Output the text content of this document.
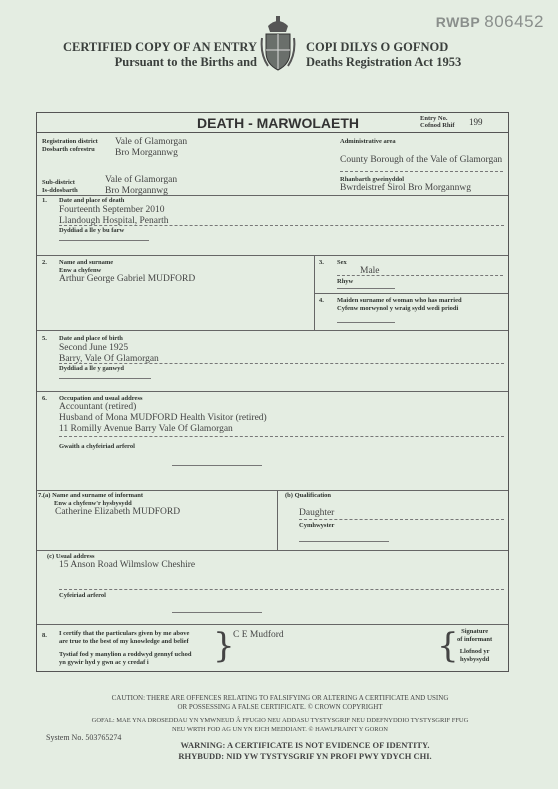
RWBP 806452
CERTIFIED COPY OF AN ENTRY
Pursuant to the Births and
COPI DILYS O GOFNOD
Deaths Registration Act 1953
DEATH - MARWOLAETH	Entry No.
Cofnod Rhif 199
Registration district
Dosbarth cofrestru
Vale of Glamorgan
Bro Morgannwg
Administrative area
County Borough of the Vale of Glamorgan
Rhanbarth gweinyddol
Bwrdeistref Sirol Bro Morgannwg
Sub-district
Is-ddosbarth
Vale of Glamorgan
Bro Morgannwg
1. Date and place of death
Fourteenth September 2010
Llandough Hospital, Penarth
Dyddiad a lle y bu farw
2. Name and surname
Enw a chyfenw
Arthur George Gabriel MUDFORD
3. Sex
Male
Rhyw
4. Maiden surname of woman who has married
Cyfenw morwynol y wraig sydd wedi priodi
5. Date and place of birth
Second June 1925
Barry, Vale Of Glamorgan
Dyddiad a lle y ganwyd
6. Occupation and usual address
Accountant (retired)
Husband of Mona MUDFORD Health Visitor (retired)
11 Romilly Avenue Barry Vale Of Glamorgan
Gwaith a chyfeiriad arferol
7.(a) Name and surname of informant
Enw a chyfenw'r hysbysydd
Catherine Elizabeth MUDFORD
(b) Qualification
Daughter
Cymhwyster
(c) Usual address
15 Anson Road Wilmslow Cheshire
Cyfeiriad arferol
8. I certify that the particulars given by me above
are true to the best of my knowledge and belief
Tystiaf fod y manylion a roddwyd gennyf uchod
yn gywir hyd y gwn ac y credaf i	}
C E Mudford	{ Signature
of informant
Llofnod yr
hysbysydd
CAUTION: THERE ARE OFFENCES RELATING TO FALSIFYING OR ALTERING A CERTIFICATE AND USING
OR POSSESSING A FALSE CERTIFICATE. © CROWN COPYRIGHT
GOFAL: MAE YNA DROSEDDAU YN YMWNEUD Â FFUGIO NEU ADDASU TYSTYSGRIF NEU DDEFNYDDIO TYSTYSGRIF FFUG
NEU WRTH FOD AG UN YN EICH MEDDIANT. © HAWLFRAINT Y GORON
System No. 503765274
WARNING: A CERTIFICATE IS NOT EVIDENCE OF IDENTITY.
RHYBUDD: NID YW TYSTYSGRIF YN PROFI PWY YDYCH CHI.
